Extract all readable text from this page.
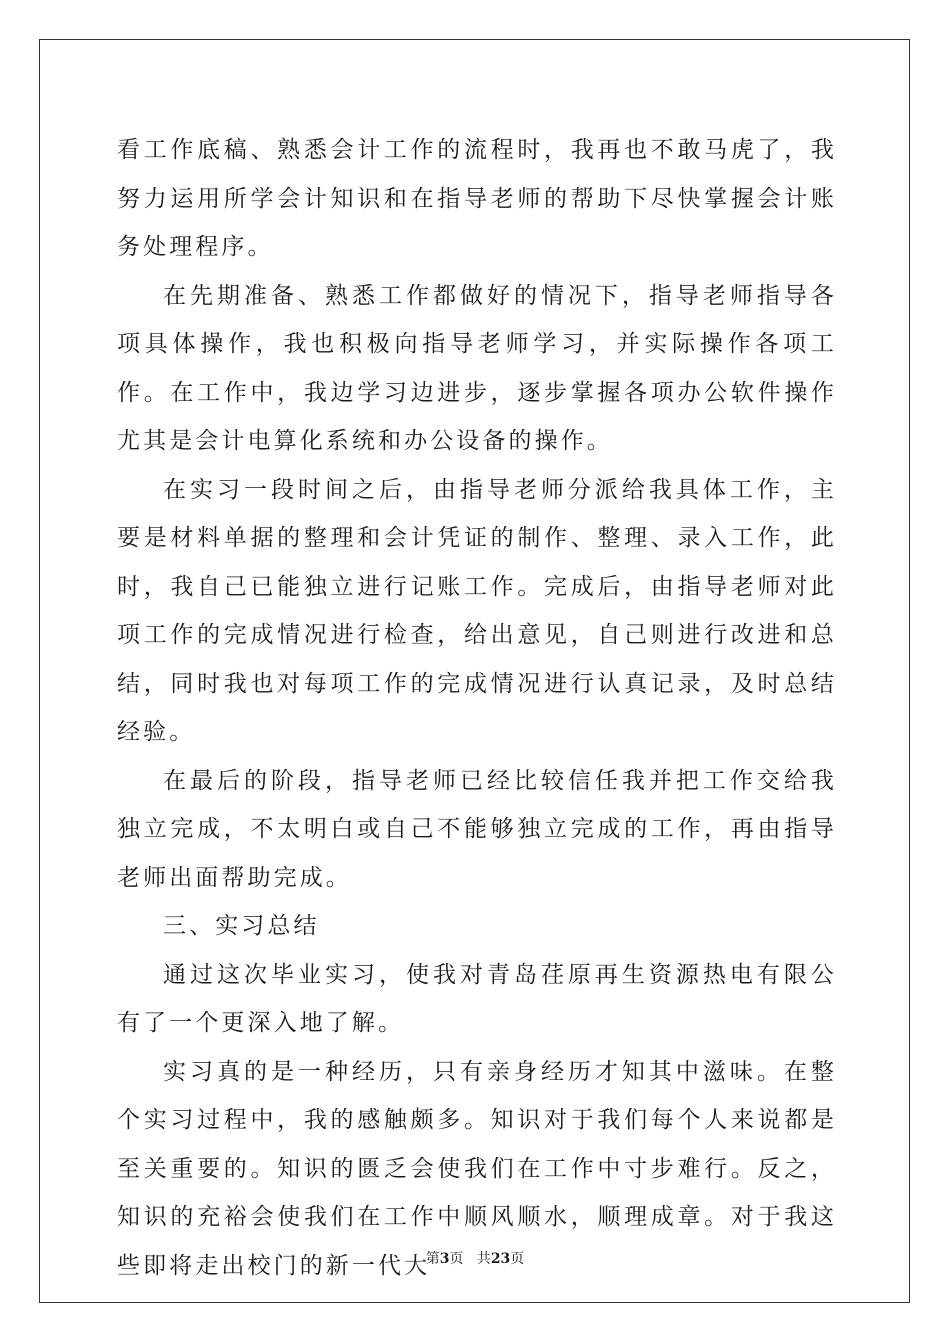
看工作底稿、熟悉会计工作的流程时，我再也不敢马虎了，我努力运用所学会计知识和在指导老师的帮助下尽快掌握会计账务处理程序。

在先期准备、熟悉工作都做好的情况下，指导老师指导各项具体操作，我也积极向指导老师学习，并实际操作各项工作。在工作中，我边学习边进步，逐步掌握各项办公软件操作尤其是会计电算化系统和办公设备的操作。

在实习一段时间之后，由指导老师分派给我具体工作，主要是材料单据的整理和会计凭证的制作、整理、录入工作，此时，我自己已能独立进行记账工作。完成后，由指导老师对此项工作的完成情况进行检查，给出意见，自己则进行改进和总结，同时我也对每项工作的完成情况进行认真记录，及时总结经验。

在最后的阶段，指导老师已经比较信任我并把工作交给我独立完成，不太明白或自己不能够独立完成的工作，再由指导老师出面帮助完成。

三、实习总结

通过这次毕业实习，使我对青岛荏原再生资源热电有限公有了一个更深入地了解。

实习真的是一种经历，只有亲身经历才知其中滋味。在整个实习过程中，我的感触颇多。知识对于我们每个人来说都是至关重要的。知识的匮乏会使我们在工作中寸步难行。反之，知识的充裕会使我们在工作中顺风顺水，顺理成章。对于我这些即将走出校门的新一代大

第3页 共23页
